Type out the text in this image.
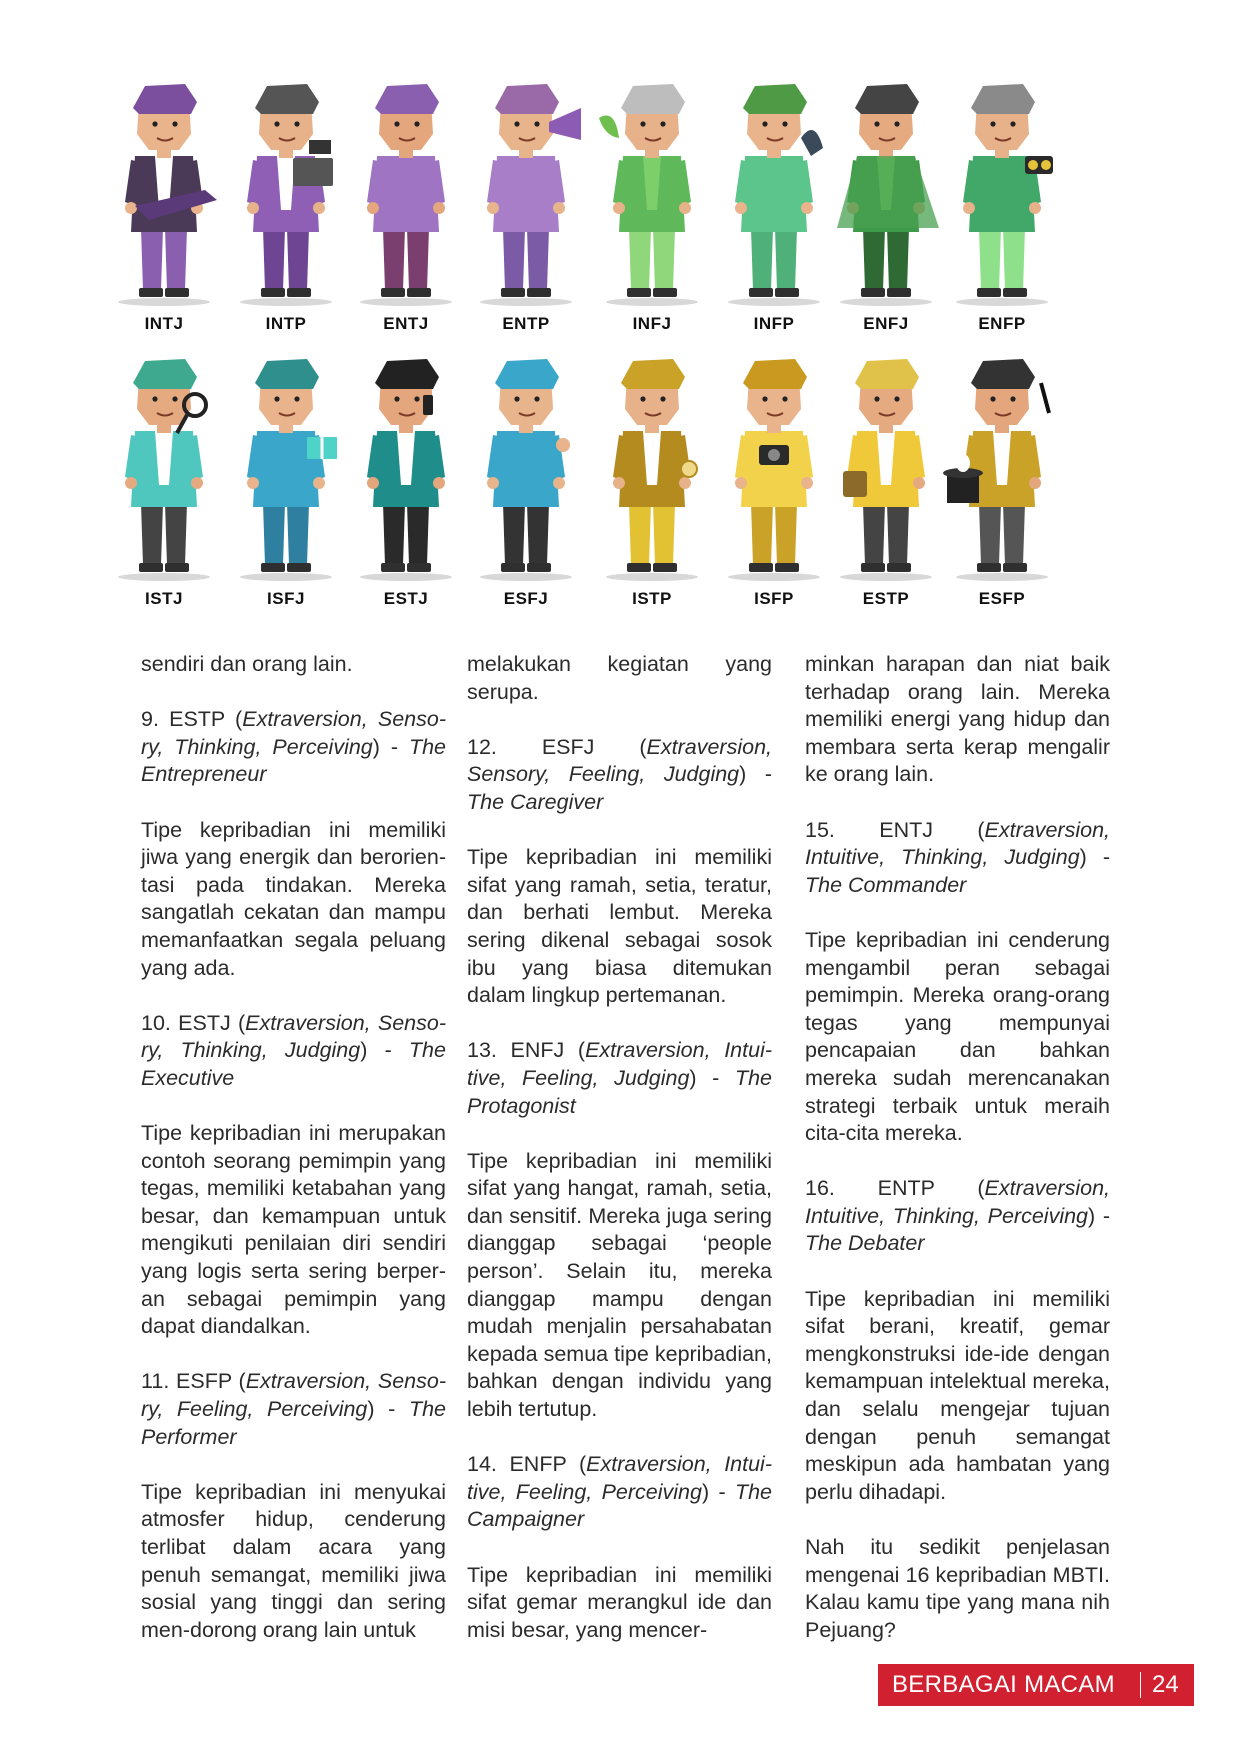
INTJ	INTP	ENTJ	ENTP	INFJ	INFP	ENFJ	ENFP
ISTJ	ISFJ	ESTJ	ESFJ	ISTP	ISFP	ESTP	ESFP

sendiri dan orang lain.

9. ESTP (Extraversion, Senso-ry, Thinking, Perceiving) - The Entrepreneur

Tipe kepribadian ini memiliki jiwa yang energik dan berorien-tasi pada tindakan. Mereka sangatlah cekatan dan mampu memanfaatkan segala peluang yang ada.

10. ESTJ (Extraversion, Senso-ry, Thinking, Judging) - The Executive

Tipe kepribadian ini merupakan contoh seorang pemimpin yang tegas, memiliki ketabahan yang besar, dan kemampuan untuk mengikuti penilaian diri sendiri yang logis serta sering berper-an sebagai pemimpin yang dapat diandalkan.

11. ESFP (Extraversion, Senso-ry, Feeling, Perceiving) - The Performer

Tipe kepribadian ini menyukai atmosfer hidup, cenderung terlibat dalam acara yang penuh semangat, memiliki jiwa sosial yang tinggi dan sering men-dorong orang lain untuk

melakukan kegiatan yang serupa.

12. ESFJ (Extraversion, Sensory, Feeling, Judging) - The Caregiver

Tipe kepribadian ini memiliki sifat yang ramah, setia, teratur, dan berhati lembut. Mereka sering dikenal sebagai sosok ibu yang biasa ditemukan dalam lingkup pertemanan.

13. ENFJ (Extraversion, Intui-tive, Feeling, Judging) - The Protagonist

Tipe kepribadian ini memiliki sifat yang hangat, ramah, setia, dan sensitif. Mereka juga sering dianggap sebagai ‘people person’. Selain itu, mereka dianggap mampu dengan mudah menjalin persahabatan kepada semua tipe kepribadian, bahkan dengan individu yang lebih tertutup.

14. ENFP (Extraversion, Intui-tive, Feeling, Perceiving) - The Campaigner

Tipe kepribadian ini memiliki sifat gemar merangkul ide dan misi besar, yang mencer-

minkan harapan dan niat baik terhadap orang lain. Mereka memiliki energi yang hidup dan membara serta kerap mengalir ke orang lain.

15. ENTJ (Extraversion, Intuitive, Thinking, Judging) - The Commander

Tipe kepribadian ini cenderung mengambil peran sebagai pemimpin. Mereka orang-orang tegas yang mempunyai pencapaian dan bahkan mereka sudah merencanakan strategi terbaik untuk meraih cita-cita mereka.

16. ENTP (Extraversion, Intuitive, Thinking, Perceiving) - The Debater

Tipe kepribadian ini memiliki sifat berani, kreatif, gemar mengkonstruksi ide-ide dengan kemampuan intelektual mereka, dan selalu mengejar tujuan dengan penuh semangat meskipun ada hambatan yang perlu dihadapi.

Nah itu sedikit penjelasan mengenai 16 kepribadian MBTI. Kalau kamu tipe yang mana nih Pejuang?

BERBAGAI MACAM 24
